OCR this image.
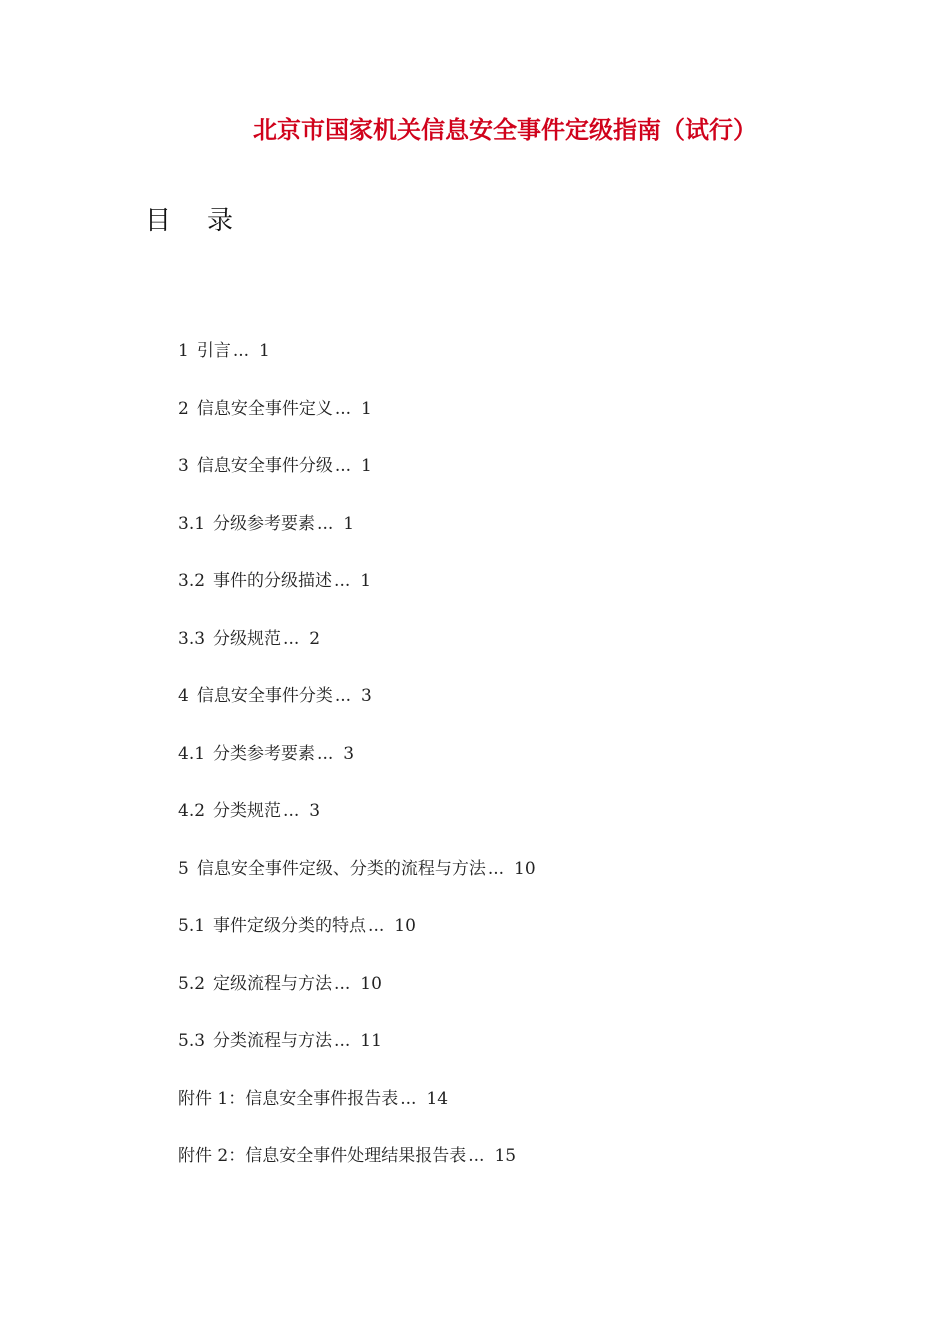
北京市国家机关信息安全事件定级指南（试行）
目 录
1 引言 ... 1
2 信息安全事件定义 ... 1
3 信息安全事件分级 ... 1
3.1 分级参考要素 ... 1
3.2 事件的分级描述 ... 1
3.3 分级规范 ... 2
4 信息安全事件分类 ... 3
4.1 分类参考要素 ... 3
4.2 分类规范 ... 3
5 信息安全事件定级、分类的流程与方法 ... 10
5.1 事件定级分类的特点 ... 10
5.2 定级流程与方法 ... 10
5.3 分类流程与方法 ... 11
附件 1：信息安全事件报告表 ... 14
附件 2：信息安全事件处理结果报告表 ... 15
